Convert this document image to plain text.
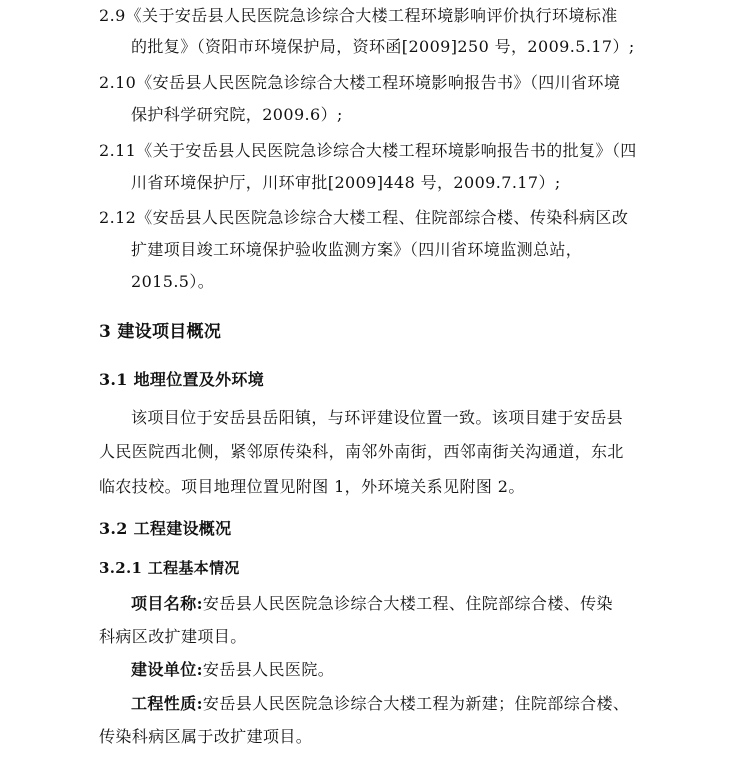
2.9《关于安岳县人民医院急诊综合大楼工程环境影响评价执行环境标准
的批复》（资阳市环境保护局，资环函[2009]250 号，2009.5.17）;
2.10《安岳县人民医院急诊综合大楼工程环境影响报告书》（四川省环境
保护科学研究院，2009.6）;
2.11《关于安岳县人民医院急诊综合大楼工程环境影响报告书的批复》（四
川省环境保护厅，川环审批[2009]448 号，2009.7.17）;
2.12《安岳县人民医院急诊综合大楼工程、住院部综合楼、传染科病区改
扩建项目竣工环境保护验收监测方案》（四川省环境监测总站，
2015.5）。
3 建设项目概况
3.1 地理位置及外环境
该项目位于安岳县岳阳镇，与环评建设位置一致。该项目建于安岳县
人民医院西北侧，紧邻原传染科，南邻外南街，西邻南街关沟通道，东北
临农技校。项目地理位置见附图 1，外环境关系见附图 2。
3.2 工程建设概况
3.2.1 工程基本情况
项目名称:安岳县人民医院急诊综合大楼工程、住院部综合楼、传染
科病区改扩建项目。
建设单位:安岳县人民医院。
工程性质:安岳县人民医院急诊综合大楼工程为新建；住院部综合楼、
传染科病区属于改扩建项目。
